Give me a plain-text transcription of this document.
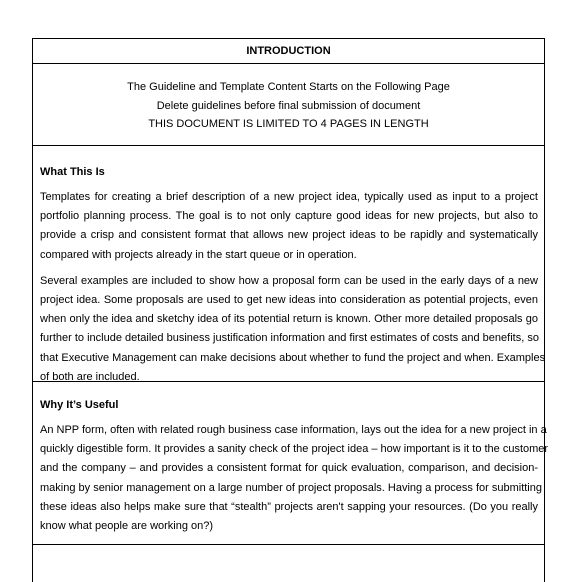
INTRODUCTION
The Guideline and Template Content Starts on the Following Page
Delete guidelines before final submission of document
THIS DOCUMENT IS LIMITED TO 4 PAGES IN LENGTH
What This Is
Templates for creating a brief description of a new project idea, typically used as input to a project
portfolio planning process. The goal is to not only capture good ideas for new projects, but also to
provide a crisp and consistent format that allows new project ideas to be rapidly and systematically
compared with projects already in the start queue or in operation.
Several examples are included to show how a proposal form can be used in the early days of a new
project idea. Some proposals are used to get new ideas into consideration as potential projects, even
when only the idea and sketchy idea of its potential return is known. Other more detailed proposals go
further to include detailed business justification information and first estimates of costs and benefits, so
that Executive Management can make decisions about whether to fund the project and when. Examples
of both are included.
Why It’s Useful
An NPP form, often with related rough business case information, lays out the idea for a new project in a
quickly digestible form. It provides a sanity check of the project idea – how important is it to the customer
and the company – and provides a consistent format for quick evaluation, comparison, and decision-
making by senior management on a large number of project proposals. Having a process for submitting
these ideas also helps make sure that “stealth” projects aren't sapping your resources. (Do you really
know what people are working on?)
